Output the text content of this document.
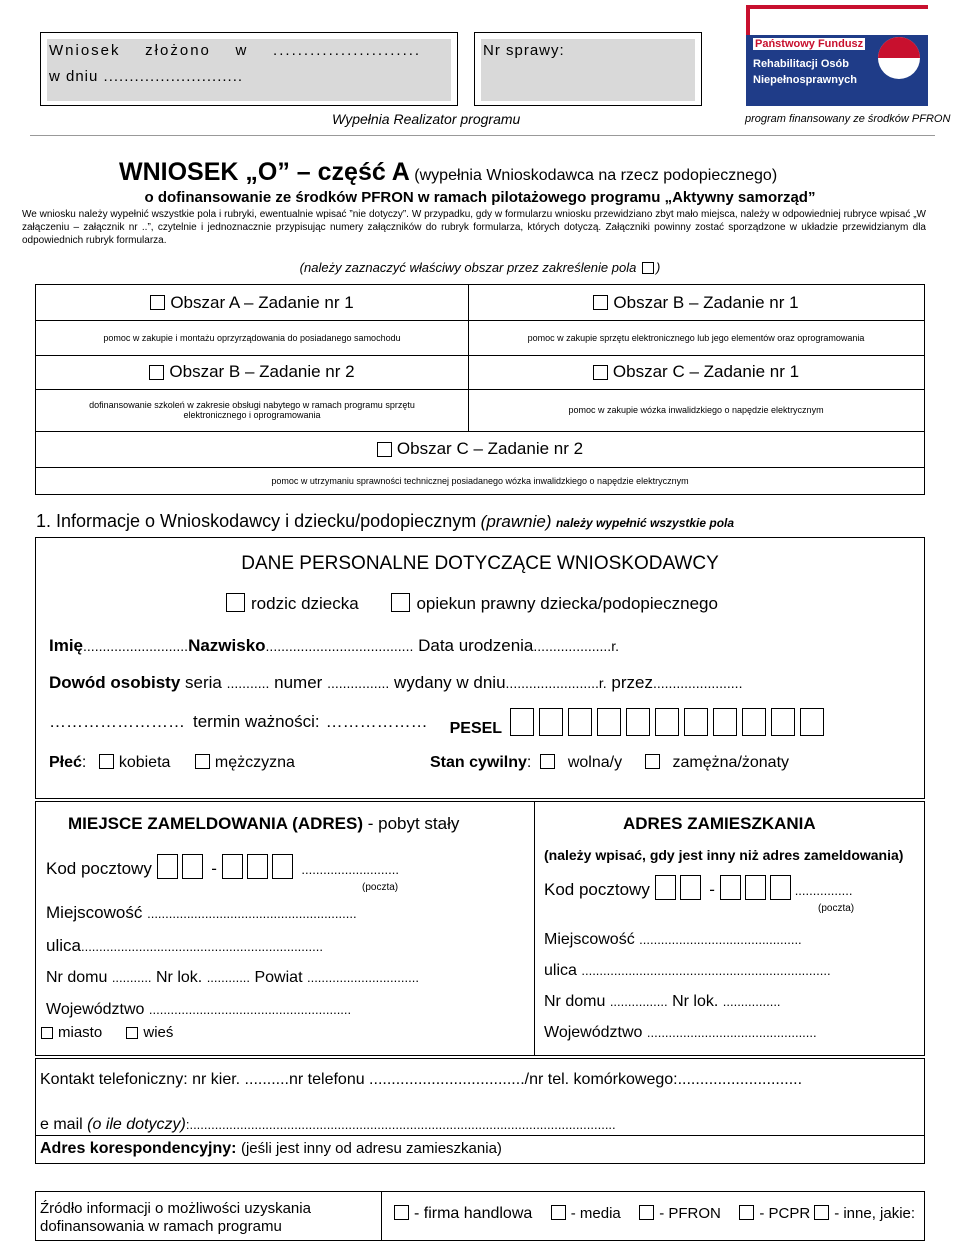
Wniosek    złożono    w    ........................
w dniu ...........................
Nr sprawy:	Państwowy Fundusz
Rehabilitacji Osób
Niepełnosprawnych
Wypełnia Realizator programu	program finansowany ze środków PFRON
WNIOSEK „O” – część A (wypełnia Wnioskodawca na rzecz podopiecznego)
o dofinansowanie ze środków PFRON w ramach pilotażowego programu „Aktywny samorząd”
We wniosku należy wypełnić wszystkie pola i rubryki, ewentualnie wpisać ”nie dotyczy”. W przypadku, gdy w formularzu wniosku przewidziano zbyt mało miejsca, należy w odpowiedniej rubryce wpisać „W załączeniu – załącznik nr ..”, czytelnie i jednoznacznie przypisując numery załączników do rubryk formularza, których dotyczą. Załączniki powinny zostać sporządzone w układzie przewidzianym dla odpowiednich rubryk formularza.
(należy zaznaczyć właściwy obszar przez zakreślenie pola )
Obszar A – Zadanie nr 1	Obszar B – Zadanie nr 1
pomoc w zakupie i montażu oprzyrządowania do posiadanego samochodu	pomoc w zakupie sprzętu elektronicznego lub jego elementów oraz oprogramowania
Obszar B – Zadanie nr 2	Obszar C – Zadanie nr 1
dofinansowanie szkoleń w zakresie obsługi nabytego w ramach programu sprzętu elektronicznego i oprogramowania	pomoc w zakupie wózka inwalidzkiego o napędzie elektrycznym
Obszar C – Zadanie nr 2
pomoc w utrzymaniu sprawności technicznej posiadanego wózka inwalidzkiego o napędzie elektrycznym
1. Informacje o Wnioskodawcy i dziecku/podopiecznym (prawnie) należy wypełnić wszystkie pola
DANE PERSONALNE DOTYCZĄCE WNIOSKODAWCY
rodzic dziecka	opiekun prawny dziecka/podopiecznego
Imię...........................Nazwisko...................................... Data urodzenia....................r.
Dowód osobisty seria ........... numer ................ wydany w dniu........................r. przez.......................
…………………… termin ważności: ……………… PESEL
Płeć: kobieta	mężczyzna	Stan cywilny: wolna/y	zamężna/żonaty
MIEJSCE ZAMELDOWANIA (ADRES) - pobyt stały
Kod pocztowy	-	...........................
(poczta)
Miejscowość ..........................................................
ulica...................................................................
Nr domu ........... Nr lok. ............ Powiat ...............................
Województwo ........................................................
miasto	wieś
ADRES ZAMIESZKANIA
(należy wpisać, gdy jest inny niż adres zameldowania)
Kod pocztowy	-	................
(poczta)
Miejscowość .............................................
ulica .....................................................................
Nr domu ................ Nr lok. ................
Województwo ...............................................
Kontakt telefoniczny: nr kier. ..........nr telefonu .................................../nr tel. komórkowego:............................
e mail (o ile dotyczy):......................................................................................................................
Adres korespondencyjny: (jeśli jest inny od adresu zamieszkania)
Źródło informacji o możliwości uzyskania dofinansowania w ramach programu
- firma handlowa	- media	- PFRON	- PCPR - inne, jakie:
